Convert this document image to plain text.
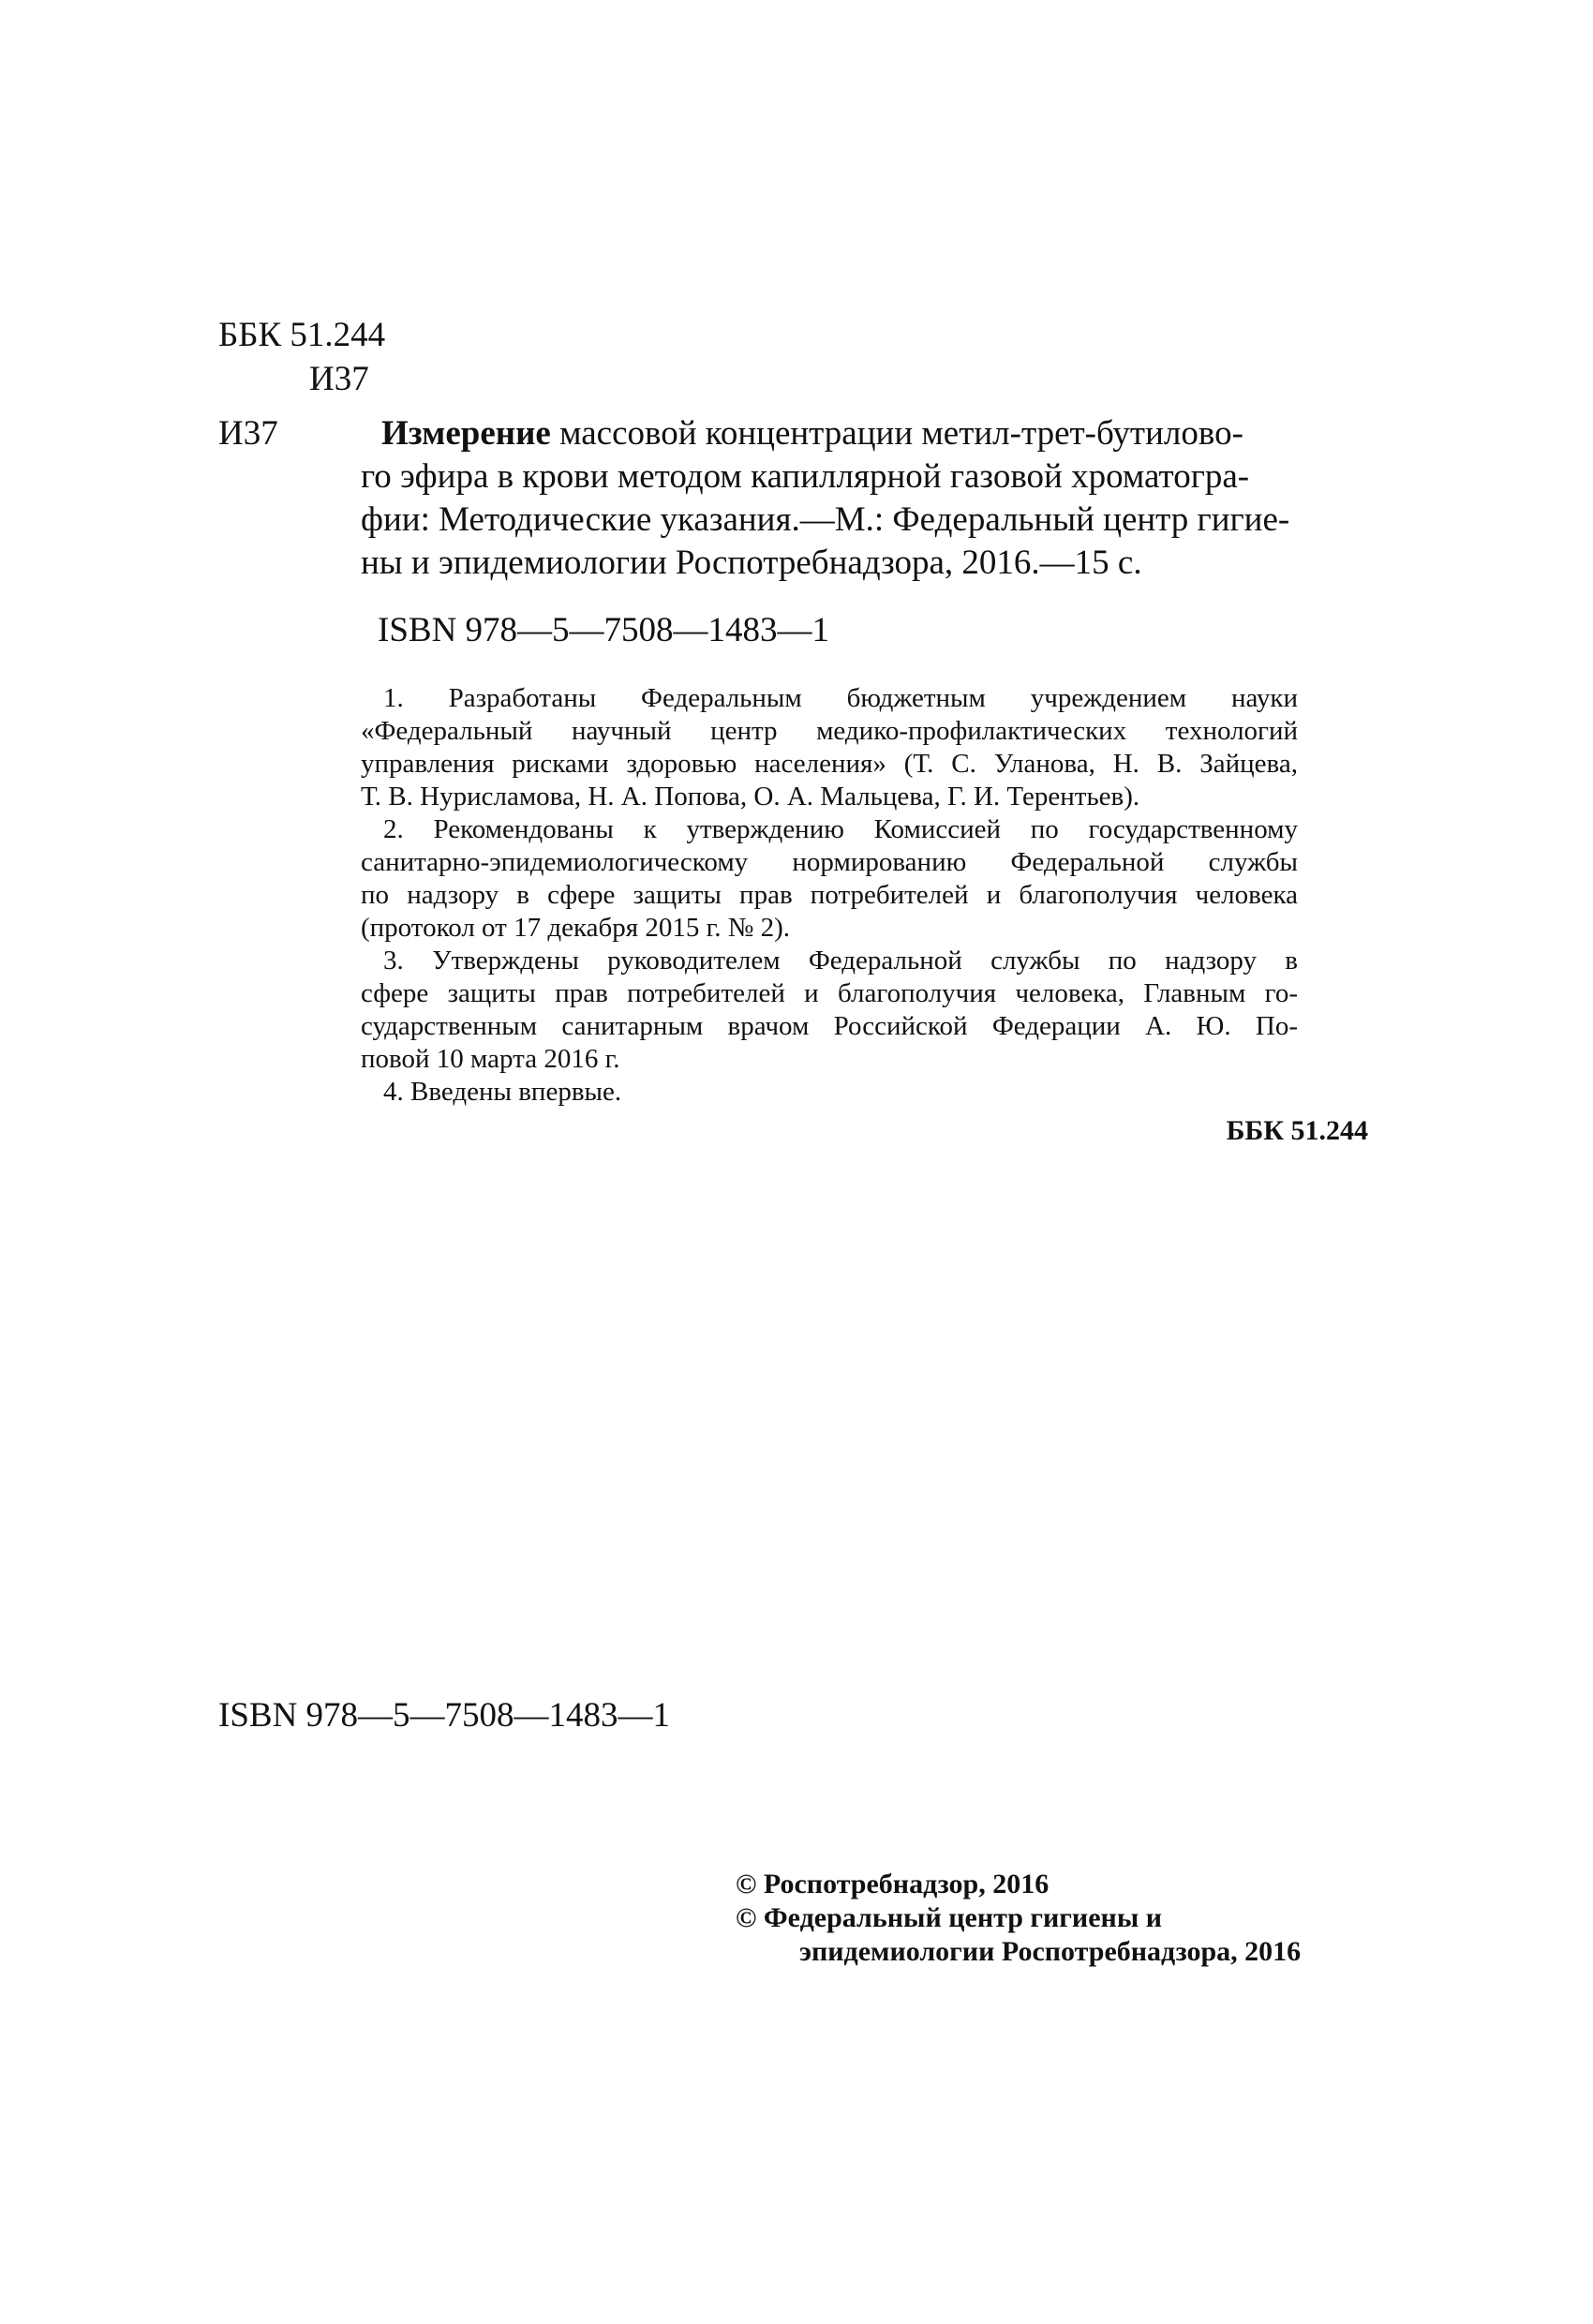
ББК 51.244
И37
И37	Измерение массовой концентрации метил-трет-бутилово-
го эфира в крови методом капиллярной газовой хроматогра-
фии: Методические указания.—М.: Федеральный центр гигие-
ны и эпидемиологии Роспотребнадзора, 2016.—15 с.
ISBN 978—5—7508—1483—1
1. Разработаны Федеральным бюджетным учреждением науки
«Федеральный научный центр медико-профилактических технологий
управления рисками здоровью населения» (Т. С. Уланова, Н. В. Зайцева,
Т. В. Нурисламова, Н. А. Попова, О. А. Мальцева, Г. И. Терентьев).
2. Рекомендованы к утверждению Комиссией по государственному
санитарно-эпидемиологическому нормированию Федеральной службы
по надзору в сфере защиты прав потребителей и благополучия человека
(протокол от 17 декабря 2015 г. № 2).
3. Утверждены руководителем Федеральной службы по надзору в
сфере защиты прав потребителей и благополучия человека, Главным го-
сударственным санитарным врачом Российской Федерации А. Ю. По-
повой 10 марта 2016 г.
4. Введены впервые.
ББК 51.244
ISBN 978—5—7508—1483—1
© Роспотребнадзор, 2016
© Федеральный центр гигиены и
эпидемиологии Роспотребнадзора, 2016
